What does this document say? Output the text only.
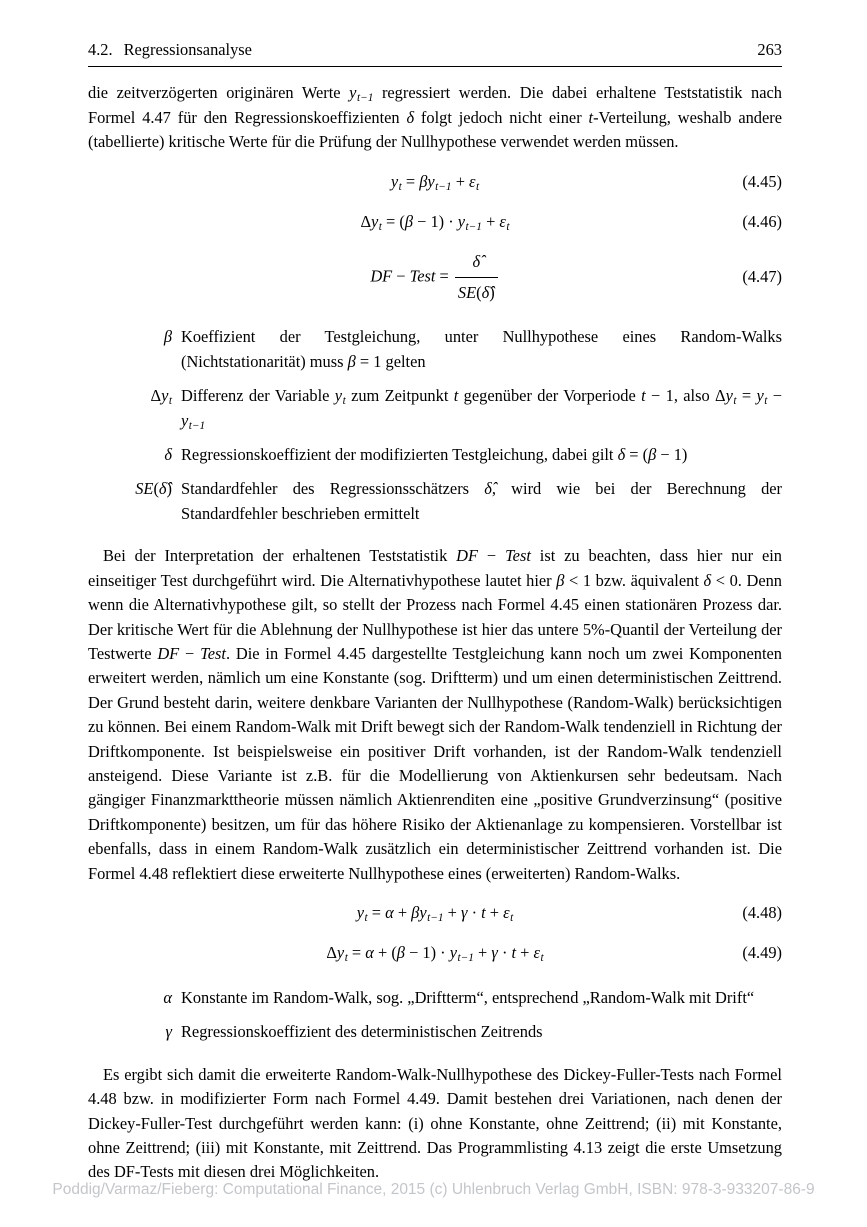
4.2. Regressionsanalyse	263

die zeitverzögerten originären Werte yt−1 regressiert werden. Die dabei erhaltene Teststatistik nach Formel 4.47 für den Regressionskoeffizienten δ folgt jedoch nicht einer t-Verteilung, weshalb andere (tabellierte) kritische Werte für die Prüfung der Nullhypothese verwendet werden müssen.

yt = βyt−1 + εt	(4.45)
Δyt = (β − 1) · yt−1 + εt	(4.46)
DF − Test = $\frac{\deltâ}{SE(\deltâ)}$	(4.47)
β Koeffizient der Testgleichung, unter Nullhypothese eines Random-Walks (Nichtstationarität) muss β = 1 gelten
Δyt Differenz der Variable yt zum Zeitpunkt t gegenüber der Vorperiode t − 1, also Δyt = yt − yt−1
δ Regressionskoeffizient der modifizierten Testgleichung, dabei gilt δ = (β − 1)
SE(δ̂) Standardfehler des Regressionsschätzers δ̂, wird wie bei der Berechnung der Standardfehler beschrieben ermittelt

Bei der Interpretation der erhaltenen Teststatistik DF − Test ist zu beachten, dass hier nur ein einseitiger Test durchgeführt wird. Die Alternativhypothese lautet hier β < 1 bzw. äquivalent δ < 0. Denn wenn die Alternativhypothese gilt, so stellt der Prozess nach Formel 4.45 einen stationären Prozess dar. Der kritische Wert für die Ablehnung der Nullhypothese ist hier das untere 5%-Quantil der Verteilung der Testwerte DF − Test. Die in Formel 4.45 dargestellte Testgleichung kann noch um zwei Komponenten erweitert werden, nämlich um eine Konstante (sog. Driftterm) und um einen deterministischen Zeittrend. Der Grund besteht darin, weitere denkbare Varianten der Nullhypothese (Random-Walk) berücksichtigen zu können. Bei einem Random-Walk mit Drift bewegt sich der Random-Walk tendenziell in Richtung der Driftkomponente. Ist beispielsweise ein positiver Drift vorhanden, ist der Random-Walk tendenziell ansteigend. Diese Variante ist z.B. für die Modellierung von Aktienkursen sehr bedeutsam. Nach gängiger Finanzmarkttheorie müssen nämlich Aktienrenditen eine „positive Grundverzinsung“ (positive Driftkomponente) besitzen, um für das höhere Risiko der Aktienanlage zu kompensieren. Vorstellbar ist ebenfalls, dass in einem Random-Walk zusätzlich ein deterministischer Zeittrend vorhanden ist. Die Formel 4.48 reflektiert diese erweiterte Nullhypothese eines (erweiterten) Random-Walks.

yt = α + βyt−1 + γ · t + εt	(4.48)
Δyt = α + (β − 1) · yt−1 + γ · t + εt	(4.49)
α Konstante im Random-Walk, sog. „Driftterm“, entsprechend „Random-Walk mit Drift“
γ Regressionskoeffizient des deterministischen Zeitrends

Es ergibt sich damit die erweiterte Random-Walk-Nullhypothese des Dickey-Fuller-Tests nach Formel 4.48 bzw. in modifizierter Form nach Formel 4.49. Damit bestehen drei Variationen, nach denen der Dickey-Fuller-Test durchgeführt werden kann: (i) ohne Konstante, ohne Zeittrend; (ii) mit Konstante, ohne Zeittrend; (iii) mit Konstante, mit Zeittrend. Das Programmlisting 4.13 zeigt die erste Umsetzung des DF-Tests mit diesen drei Möglichkeiten.

Poddig/Varmaz/Fieberg: Computational Finance, 2015 (c) Uhlenbruch Verlag GmbH, ISBN: 978-3-933207-86-9
